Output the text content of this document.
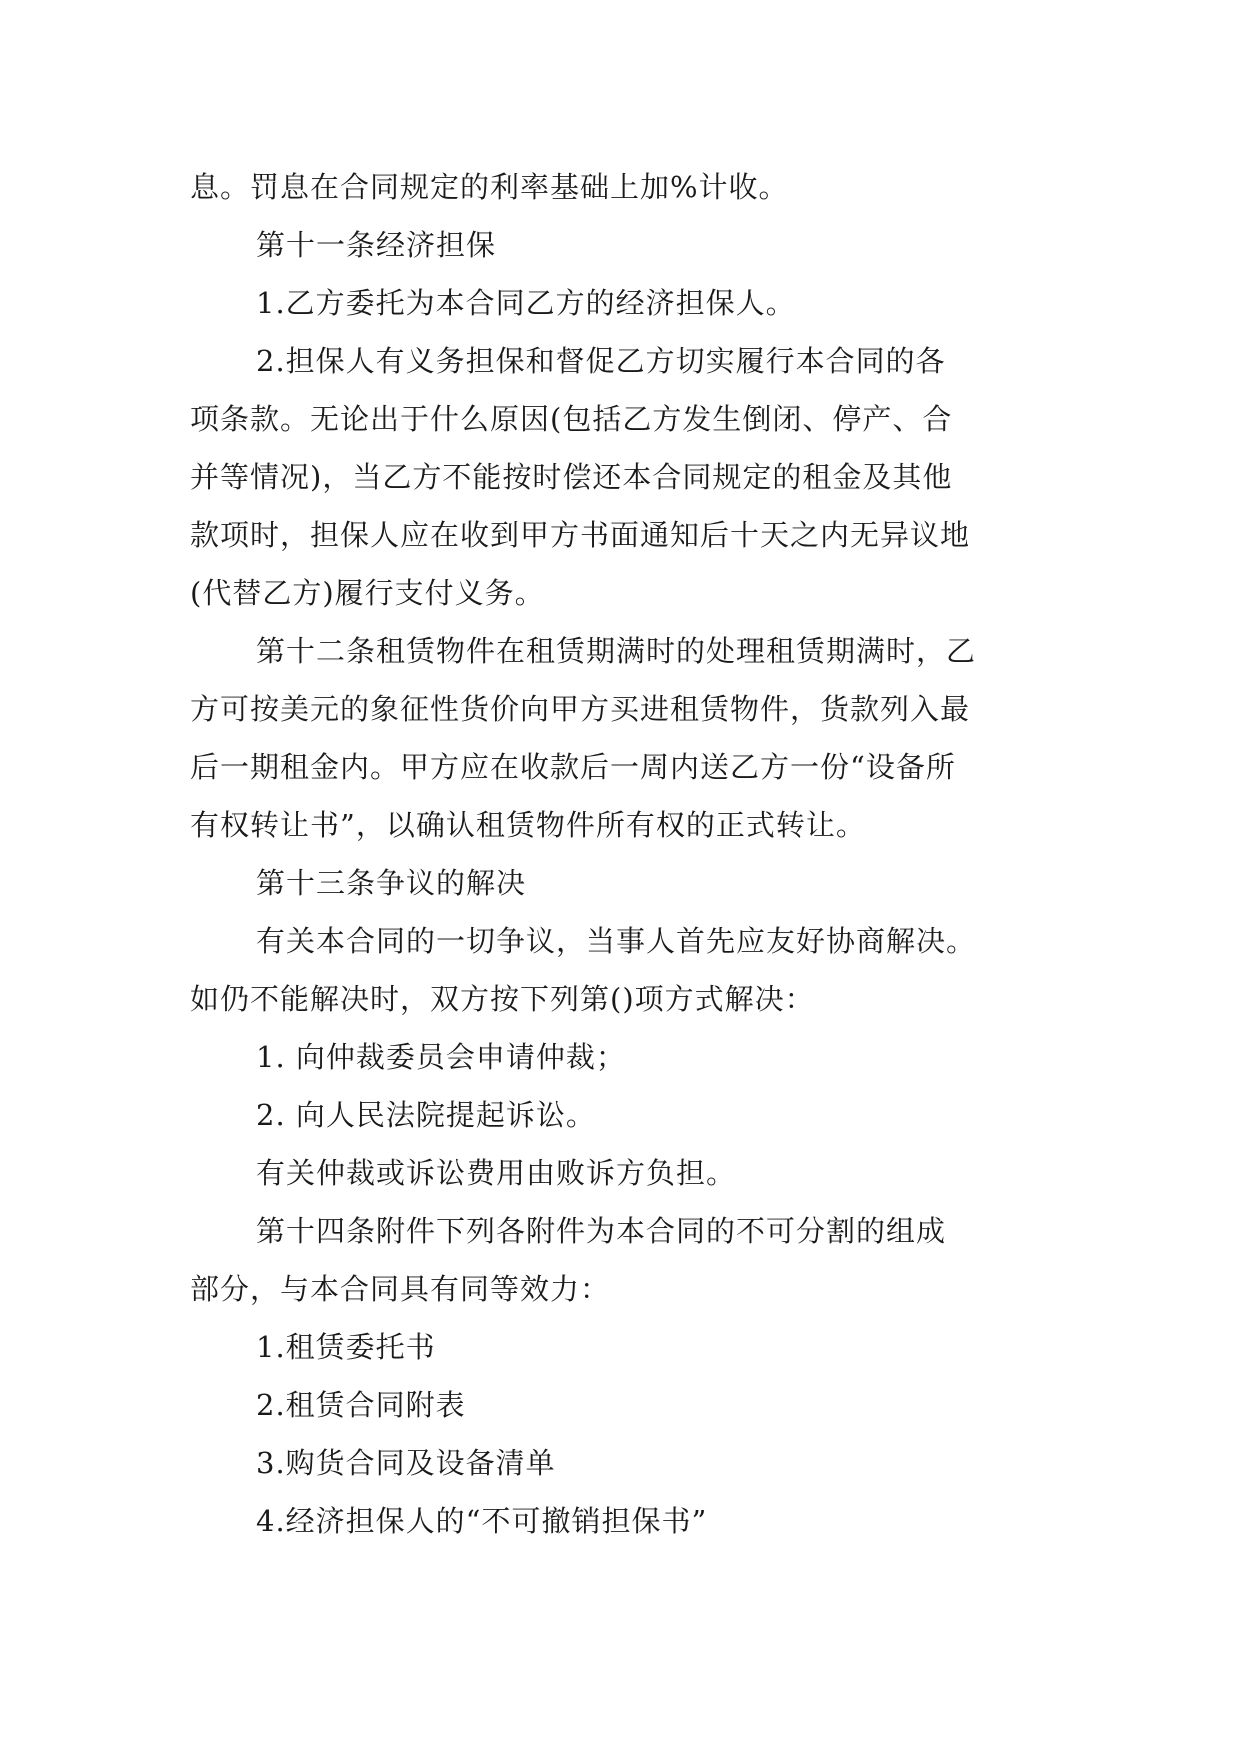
息。罚息在合同规定的利率基础上加%计收。
第十一条经济担保
1.乙方委托为本合同乙方的经济担保人。
2.担保人有义务担保和督促乙方切实履行本合同的各
项条款。无论出于什么原因(包括乙方发生倒闭、停产、合
并等情况)，当乙方不能按时偿还本合同规定的租金及其他
款项时，担保人应在收到甲方书面通知后十天之内无异议地
(代替乙方)履行支付义务。
第十二条租赁物件在租赁期满时的处理租赁期满时，乙
方可按美元的象征性货价向甲方买进租赁物件，货款列入最
后一期租金内。甲方应在收款后一周内送乙方一份“设备所
有权转让书”，以确认租赁物件所有权的正式转让。
第十三条争议的解决
有关本合同的一切争议，当事人首先应友好协商解决。
如仍不能解决时，双方按下列第()项方式解决：
1. 向仲裁委员会申请仲裁；
2. 向人民法院提起诉讼。
有关仲裁或诉讼费用由败诉方负担。
第十四条附件下列各附件为本合同的不可分割的组成
部分，与本合同具有同等效力：
1.租赁委托书
2.租赁合同附表
3.购货合同及设备清单
4.经济担保人的“不可撤销担保书”
